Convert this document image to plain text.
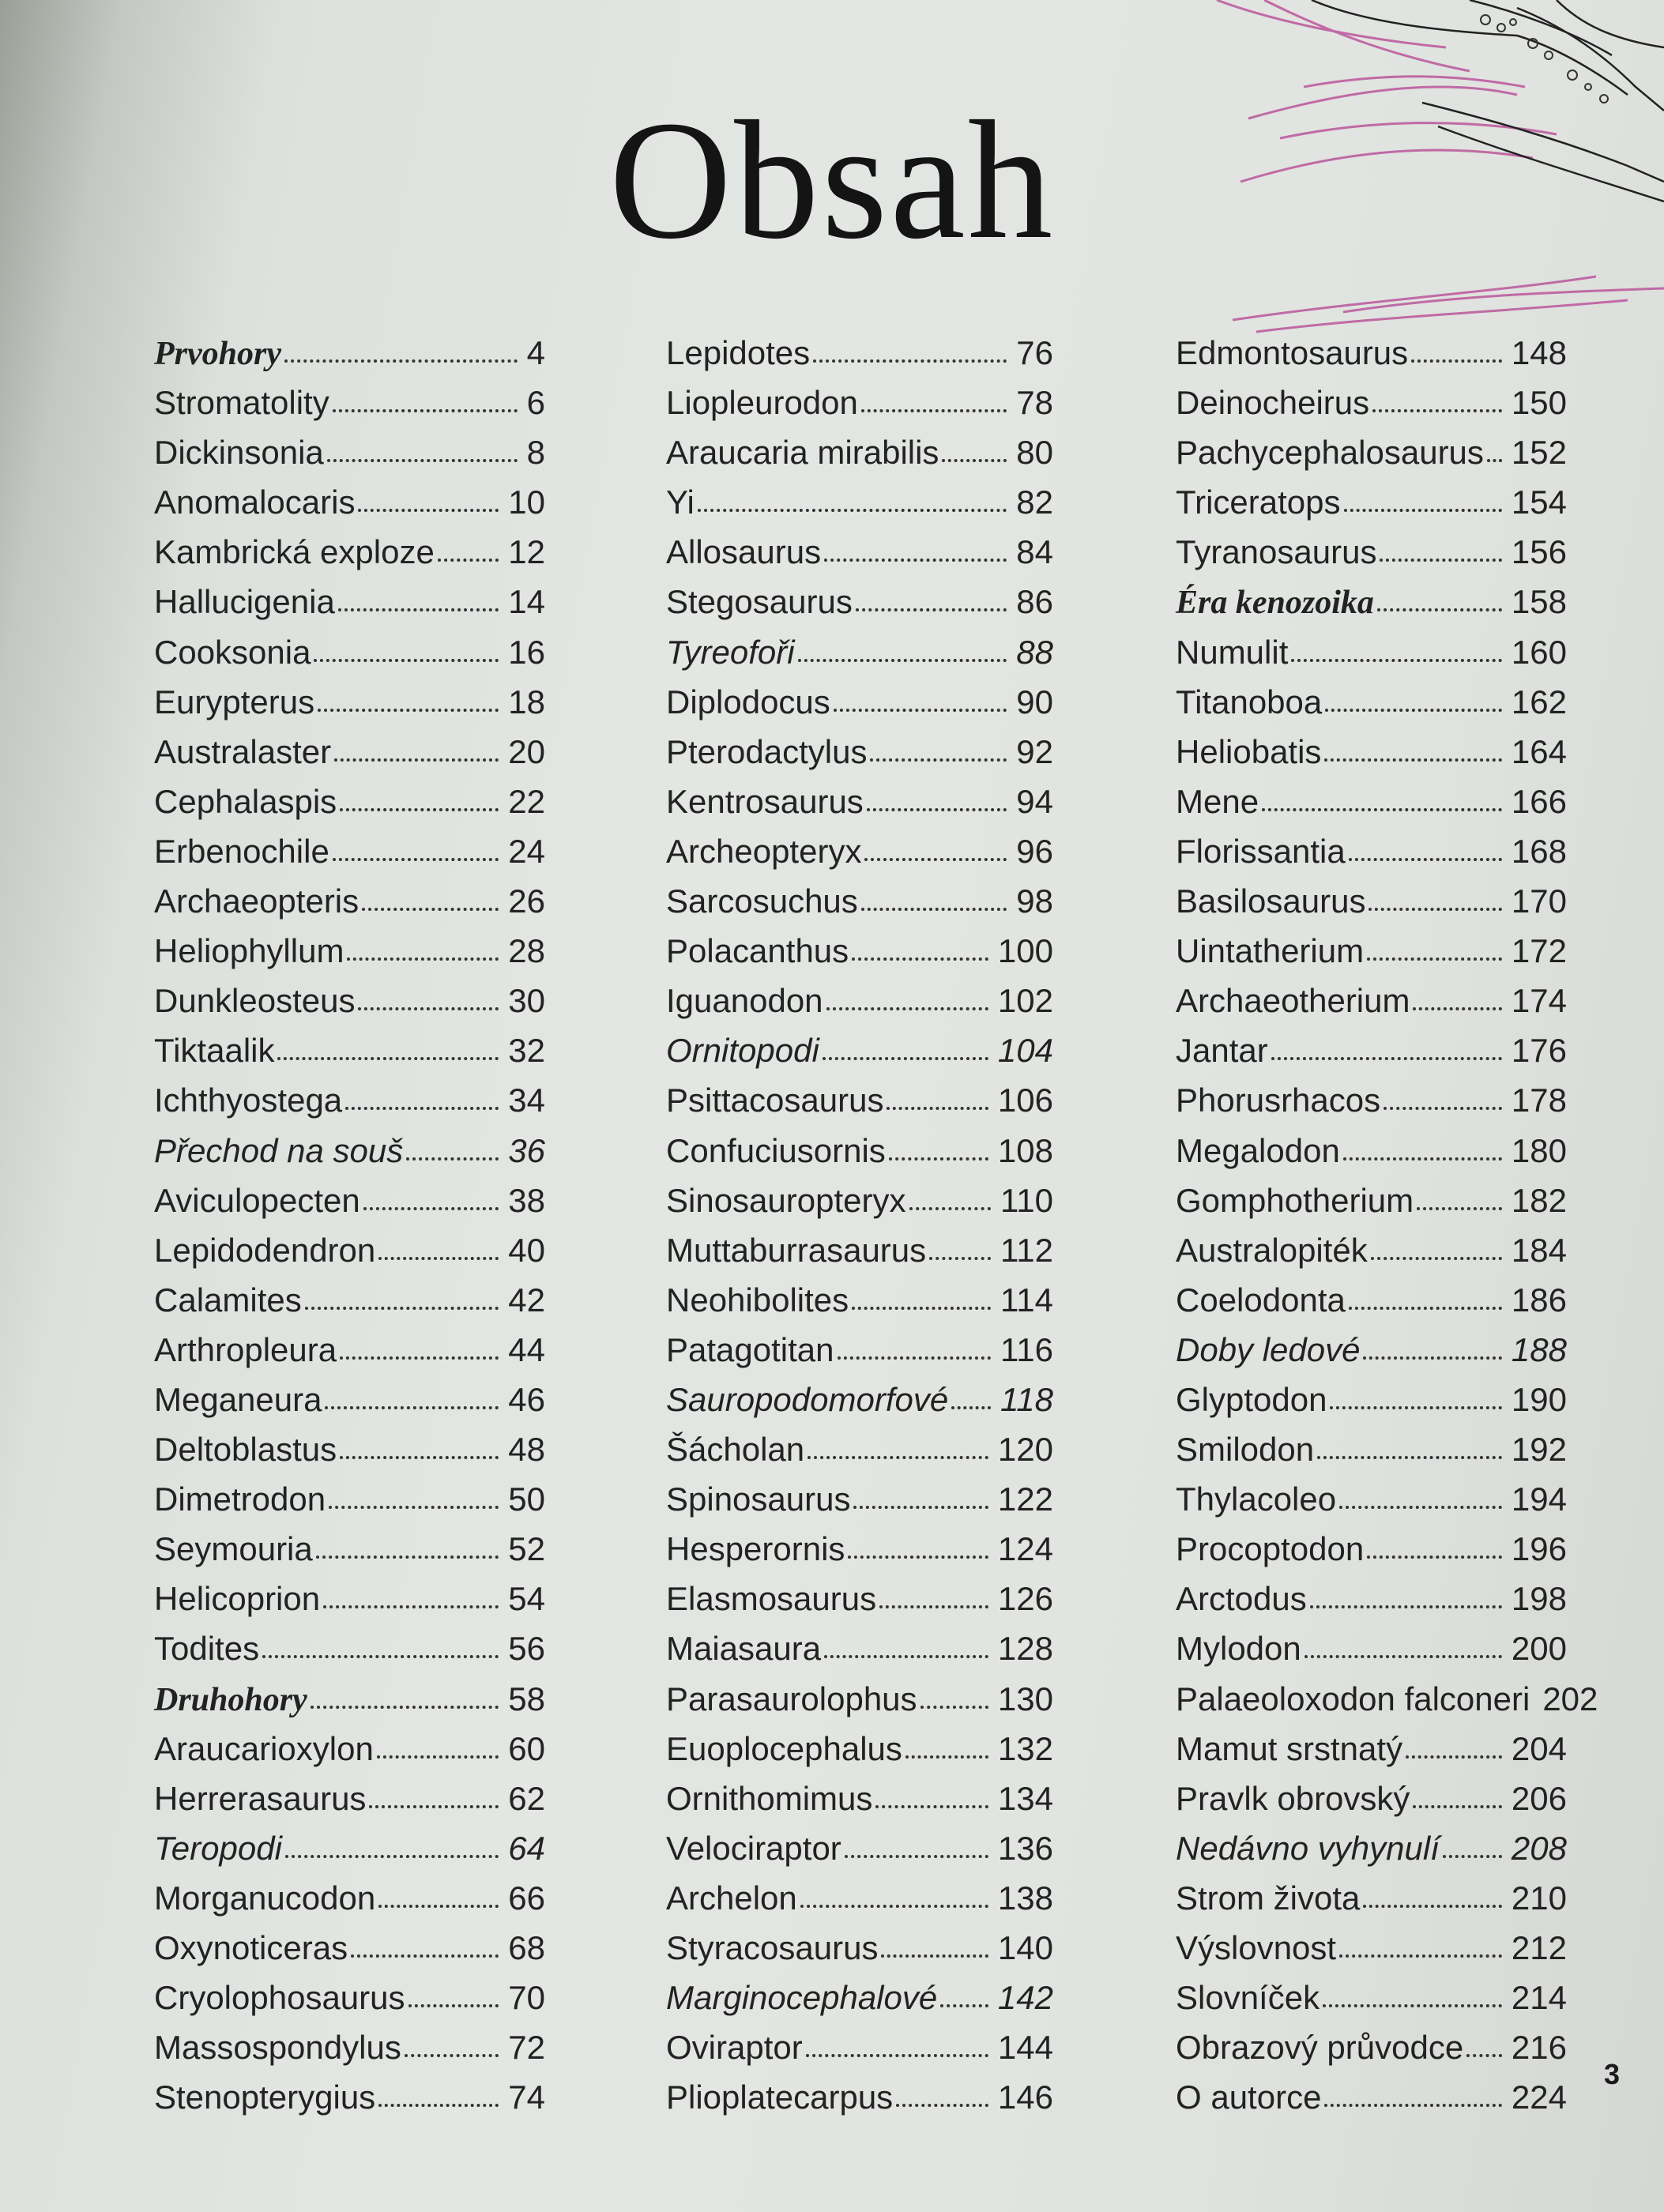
Obsah
Prvohory	4
Stromatolity	6
Dickinsonia	8
Anomalocaris	10
Kambrická exploze 12
Hallucigenia	14
Cooksonia	16
Eurypterus	18
Australaster	20
Cephalaspis	22
Erbenochile	24
Archaeopteris	26
Heliophyllum	28
Dunkleosteus	30
Tiktaalik	32
Ichthyostega	34
Přechod na souš	36
Aviculopecten	38
Lepidodendron	40
Calamites	42
Arthropleura	44
Meganeura	46
Deltoblastus	48
Dimetrodon	50
Seymouria	52
Helicoprion	54
Todites	56
Druhohory	58
Araucarioxylon	60
Herrerasaurus	62
Teropodi	64
Morganucodon	66
Oxynoticeras	68
Cryolophosaurus	70
Massospondylus	72
Stenopterygius	74
Lepidotes	76
Liopleurodon	78
Araucaria mirabilis 80
Yi	82
Allosaurus	84
Stegosaurus	86
Tyreofoři	88
Diplodocus	90
Pterodactylus	92
Kentrosaurus	94
Archeopteryx	96
Sarcosuchus	98
Polacanthus	100
Iguanodon	102
Ornitopodi	104
Psittacosaurus	106
Confuciusornis	108
Sinosauropteryx	110
Muttaburrasaurus 112
Neohibolites	114
Patagotitan	116
Sauropodomorfové 118
Šácholan	120
Spinosaurus	122
Hesperornis	124
Elasmosaurus	126
Maiasaura	128
Parasaurolophus 130
Euoplocephalus	132
Ornithomimus	134
Velociraptor	136
Archelon	138
Styracosaurus	140
Marginocephalové 142
Oviraptor	144
Plioplatecarpus	146
Edmontosaurus	148
Deinocheirus	150
Pachycephalosaurus 152
Triceratops	154
Tyranosaurus	156
Éra kenozoika	158
Numulit	160
Titanoboa	162
Heliobatis	164
Mene	166
Florissantia	168
Basilosaurus	170
Uintatherium	172
Archaeotherium	174
Jantar	176
Phorusrhacos	178
Megalodon	180
Gomphotherium	182
Australopiték	184
Coelodonta	186
Doby ledové	188
Glyptodon	190
Smilodon	192
Thylacoleo	194
Procoptodon	196
Arctodus	198
Mylodon	200
Palaeoloxodon falconeri 202
Mamut srstnatý	204
Pravlk obrovský	206
Nedávno vyhynulí 208
Strom života	210
Výslovnost	212
Slovníček	214
Obrazový průvodce 216
O autorce	224
3
